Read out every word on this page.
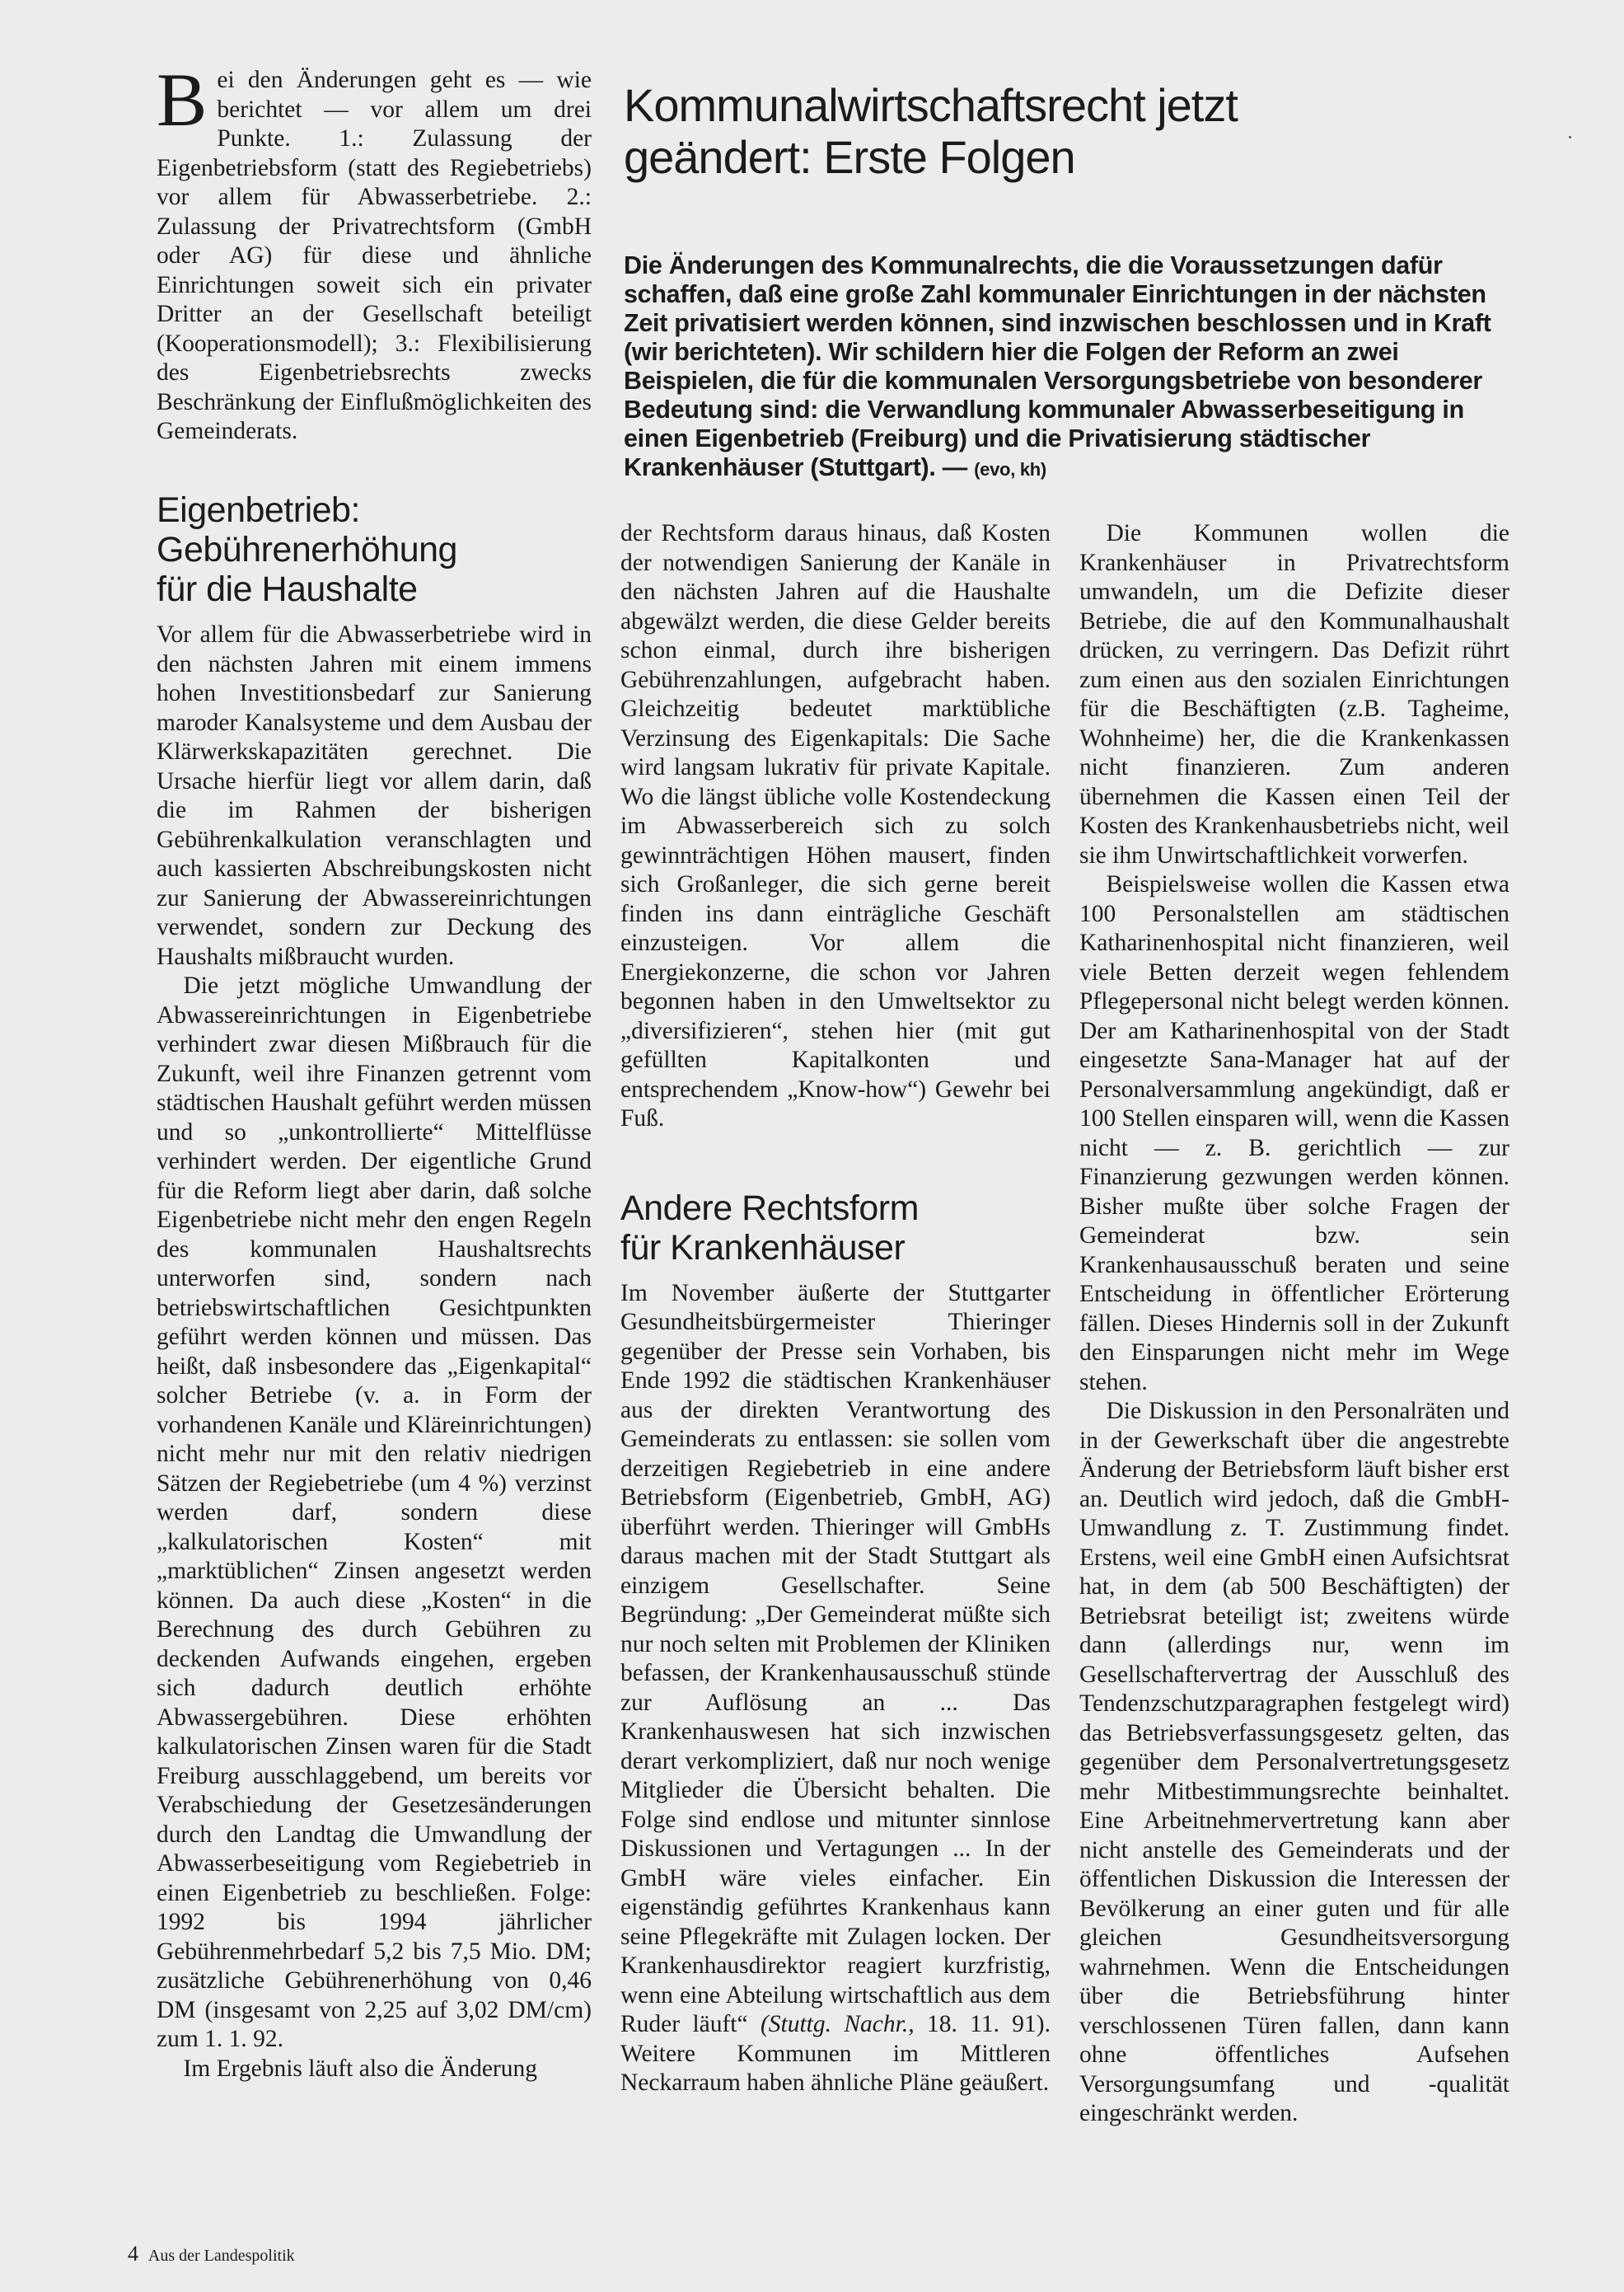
Bei den Änderungen geht es — wie berichtet — vor allem um drei Punkte. 1.: Zulassung der Eigenbetriebsform (statt des Regiebetriebs) vor allem für Abwasserbetriebe. 2.: Zulassung der Privatrechtsform (GmbH oder AG) für diese und ähnliche Einrichtungen soweit sich ein privater Dritter an der Gesellschaft beteiligt (Kooperationsmodell); 3.: Flexibilisierung des Eigenbetriebsrechts zwecks Beschränkung der Einflußmöglichkeiten des Gemeinderats.

Kommunalwirtschaftsrecht jetzt
geändert: Erste Folgen

Die Änderungen des Kommunalrechts, die die Voraussetzungen dafür schaffen, daß eine große Zahl kommunaler Einrichtungen in der nächsten Zeit privatisiert werden können, sind inzwischen beschlossen und in Kraft (wir berichteten). Wir schildern hier die Folgen der Reform an zwei Beispielen, die für die kommunalen Versorgungsbetriebe von besonderer Bedeutung sind: die Verwandlung kommunaler Abwasserbeseitigung in einen Eigenbetrieb (Freiburg) und die Privatisierung städtischer Krankenhäuser (Stuttgart). — (evo, kh)

Eigenbetrieb:
Gebührenerhöhung
für die Haushalte

Vor allem für die Abwasserbetriebe wird in den nächsten Jahren mit einem immens hohen Investitionsbedarf zur Sanierung maroder Kanalsysteme und dem Ausbau der Klärwerkskapazitäten gerechnet. Die Ursache hierfür liegt vor allem darin, daß die im Rahmen der bisherigen Gebührenkalkulation veranschlagten und auch kassierten Abschreibungskosten nicht zur Sanierung der Abwassereinrichtungen verwendet, sondern zur Deckung des Haushalts mißbraucht wurden.

Die jetzt mögliche Umwandlung der Abwassereinrichtungen in Eigenbetriebe verhindert zwar diesen Mißbrauch für die Zukunft, weil ihre Finanzen getrennt vom städtischen Haushalt geführt werden müssen und so „unkontrollierte“ Mittelflüsse verhindert werden. Der eigentliche Grund für die Reform liegt aber darin, daß solche Eigenbetriebe nicht mehr den engen Regeln des kommunalen Haushaltsrechts unterworfen sind, sondern nach betriebswirtschaftlichen Gesichtpunkten geführt werden können und müssen. Das heißt, daß insbesondere das „Eigenkapital“ solcher Betriebe (v. a. in Form der vorhandenen Kanäle und Kläreinrichtungen) nicht mehr nur mit den relativ niedrigen Sätzen der Regiebetriebe (um 4 %) verzinst werden darf, sondern diese „kalkulatorischen Kosten“ mit „marktüblichen“ Zinsen angesetzt werden können. Da auch diese „Kosten“ in die Berechnung des durch Gebühren zu deckenden Aufwands eingehen, ergeben sich dadurch deutlich erhöhte Abwassergebühren. Diese erhöhten kalkulatorischen Zinsen waren für die Stadt Freiburg ausschlaggebend, um bereits vor Verabschiedung der Gesetzesänderungen durch den Landtag die Umwandlung der Abwasserbeseitigung vom Regiebetrieb in einen Eigenbetrieb zu beschließen. Folge: 1992 bis 1994 jährlicher Gebührenmehrbedarf 5,2 bis 7,5 Mio. DM; zusätzliche Gebührenerhöhung von 0,46 DM (insgesamt von 2,25 auf 3,02 DM/cm) zum 1. 1. 92.

Im Ergebnis läuft also die Änderung

der Rechtsform daraus hinaus, daß Kosten der notwendigen Sanierung der Kanäle in den nächsten Jahren auf die Haushalte abgewälzt werden, die diese Gelder bereits schon einmal, durch ihre bisherigen Gebührenzahlungen, aufgebracht haben. Gleichzeitig bedeutet marktübliche Verzinsung des Eigenkapitals: Die Sache wird langsam lukrativ für private Kapitale. Wo die längst übliche volle Kostendeckung im Abwasserbereich sich zu solch gewinnträchtigen Höhen mausert, finden sich Großanleger, die sich gerne bereit finden ins dann einträgliche Geschäft einzusteigen. Vor allem die Energiekonzerne, die schon vor Jahren begonnen haben in den Umweltsektor zu „diversifizieren“, stehen hier (mit gut gefüllten Kapitalkonten und entsprechendem „Know-how“) Gewehr bei Fuß.

Andere Rechtsform
für Krankenhäuser

Im November äußerte der Stuttgarter Gesundheitsbürgermeister Thieringer gegenüber der Presse sein Vorhaben, bis Ende 1992 die städtischen Krankenhäuser aus der direkten Verantwortung des Gemeinderats zu entlassen: sie sollen vom derzeitigen Regiebetrieb in eine andere Betriebsform (Eigenbetrieb, GmbH, AG) überführt werden. Thieringer will GmbHs daraus machen mit der Stadt Stuttgart als einzigem Gesellschafter. Seine Begründung: „Der Gemeinderat müßte sich nur noch selten mit Problemen der Kliniken befassen, der Krankenhausausschuß stünde zur Auflösung an ... Das Krankenhauswesen hat sich inzwischen derart verkompliziert, daß nur noch wenige Mitglieder die Übersicht behalten. Die Folge sind endlose und mitunter sinnlose Diskussionen und Vertagungen ... In der GmbH wäre vieles einfacher. Ein eigenständig geführtes Krankenhaus kann seine Pflegekräfte mit Zulagen locken. Der Krankenhausdirektor reagiert kurzfristig, wenn eine Abteilung wirtschaftlich aus dem Ruder läuft“ (Stuttg. Nachr., 18. 11. 91). Weitere Kommunen im Mittleren Neckarraum haben ähnliche Pläne geäußert.

Die Kommunen wollen die Krankenhäuser in Privatrechtsform umwandeln, um die Defizite dieser Betriebe, die auf den Kommunalhaushalt drücken, zu verringern. Das Defizit rührt zum einen aus den sozialen Einrichtungen für die Beschäftigten (z.B. Tagheime, Wohnheime) her, die die Krankenkassen nicht finanzieren. Zum anderen übernehmen die Kassen einen Teil der Kosten des Krankenhausbetriebs nicht, weil sie ihm Unwirtschaftlichkeit vorwerfen.

Beispielsweise wollen die Kassen etwa 100 Personalstellen am städtischen Katharinenhospital nicht finanzieren, weil viele Betten derzeit wegen fehlendem Pflegepersonal nicht belegt werden können. Der am Katharinenhospital von der Stadt eingesetzte Sana-Manager hat auf der Personalversammlung angekündigt, daß er 100 Stellen einsparen will, wenn die Kassen nicht — z. B. gerichtlich — zur Finanzierung gezwungen werden können. Bisher mußte über solche Fragen der Gemeinderat bzw. sein Krankenhausausschuß beraten und seine Entscheidung in öffentlicher Erörterung fällen. Dieses Hindernis soll in der Zukunft den Einsparungen nicht mehr im Wege stehen.

Die Diskussion in den Personalräten und in der Gewerkschaft über die angestrebte Änderung der Betriebsform läuft bisher erst an. Deutlich wird jedoch, daß die GmbH-Umwandlung z. T. Zustimmung findet. Erstens, weil eine GmbH einen Aufsichtsrat hat, in dem (ab 500 Beschäftigten) der Betriebsrat beteiligt ist; zweitens würde dann (allerdings nur, wenn im Gesellschaftervertrag der Ausschluß des Tendenzschutzparagraphen festgelegt wird) das Betriebsverfassungsgesetz gelten, das gegenüber dem Personalvertretungsgesetz mehr Mitbestimmungsrechte beinhaltet. Eine Arbeitnehmervertretung kann aber nicht anstelle des Gemeinderats und der öffentlichen Diskussion die Interessen der Bevölkerung an einer guten und für alle gleichen Gesundheitsversorgung wahrnehmen. Wenn die Entscheidungen über die Betriebsführung hinter verschlossenen Türen fallen, dann kann ohne öffentliches Aufsehen Versorgungsumfang und -qualität eingeschränkt werden.

4 Aus der Landespolitik
